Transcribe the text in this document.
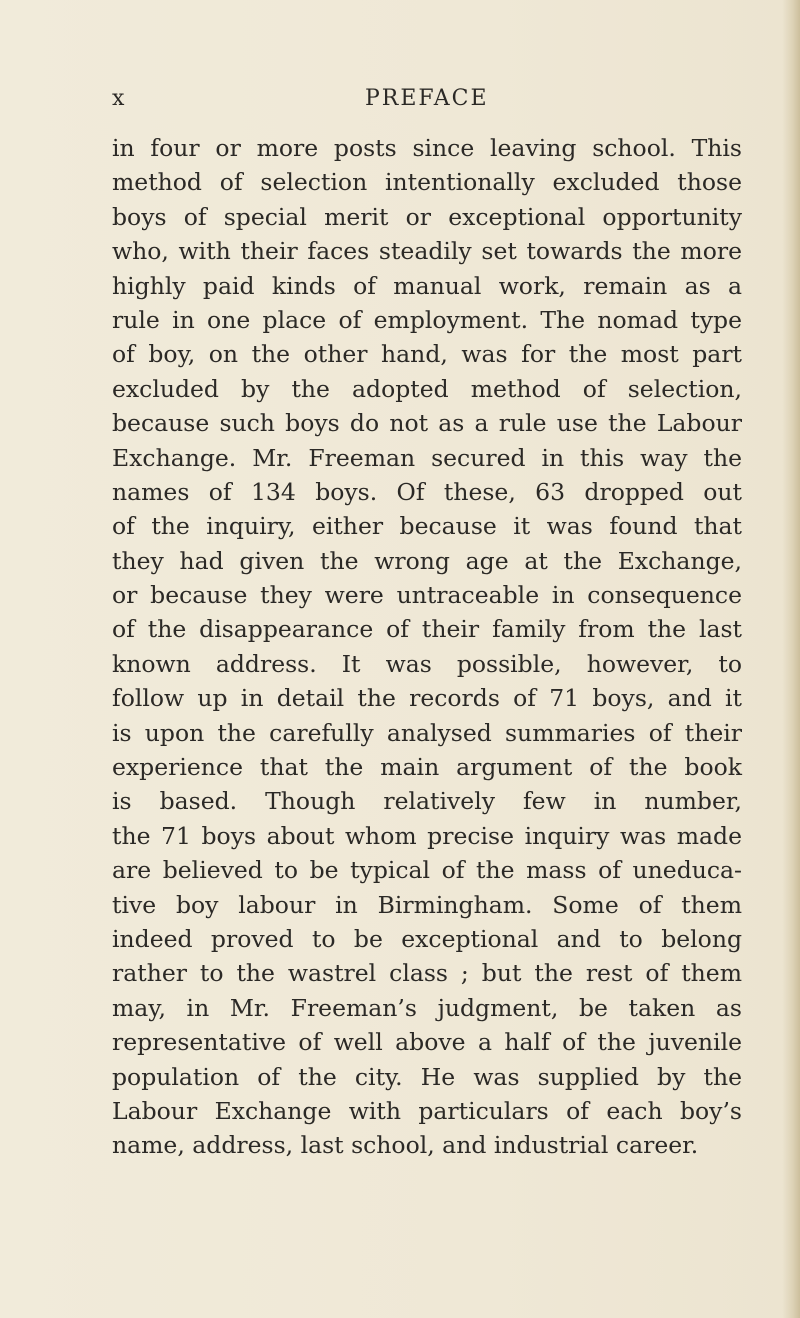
x	PREFACE
in four or more posts since leaving school. This
method of selection intentionally excluded those
boys of special merit or exceptional opportunity
who, with their faces steadily set towards the more
highly paid kinds of manual work, remain as a
rule in one place of employment. The nomad type
of boy, on the other hand, was for the most part
excluded by the adopted method of selection,
because such boys do not as a rule use the Labour
Exchange. Mr. Freeman secured in this way the
names of 134 boys. Of these, 63 dropped out
of the inquiry, either because it was found that
they had given the wrong age at the Exchange,
or because they were untraceable in consequence
of the disappearance of their family from the last
known address. It was possible, however, to
follow up in detail the records of 71 boys, and it
is upon the carefully analysed summaries of their
experience that the main argument of the book
is based. Though relatively few in number,
the 71 boys about whom precise inquiry was made
are believed to be typical of the mass of uneduca-
tive boy labour in Birmingham. Some of them
indeed proved to be exceptional and to belong
rather to the wastrel class ; but the rest of them
may, in Mr. Freeman’s judgment, be taken as
representative of well above a half of the juvenile
population of the city. He was supplied by the
Labour Exchange with particulars of each boy’s
name, address, last school, and industrial career.
